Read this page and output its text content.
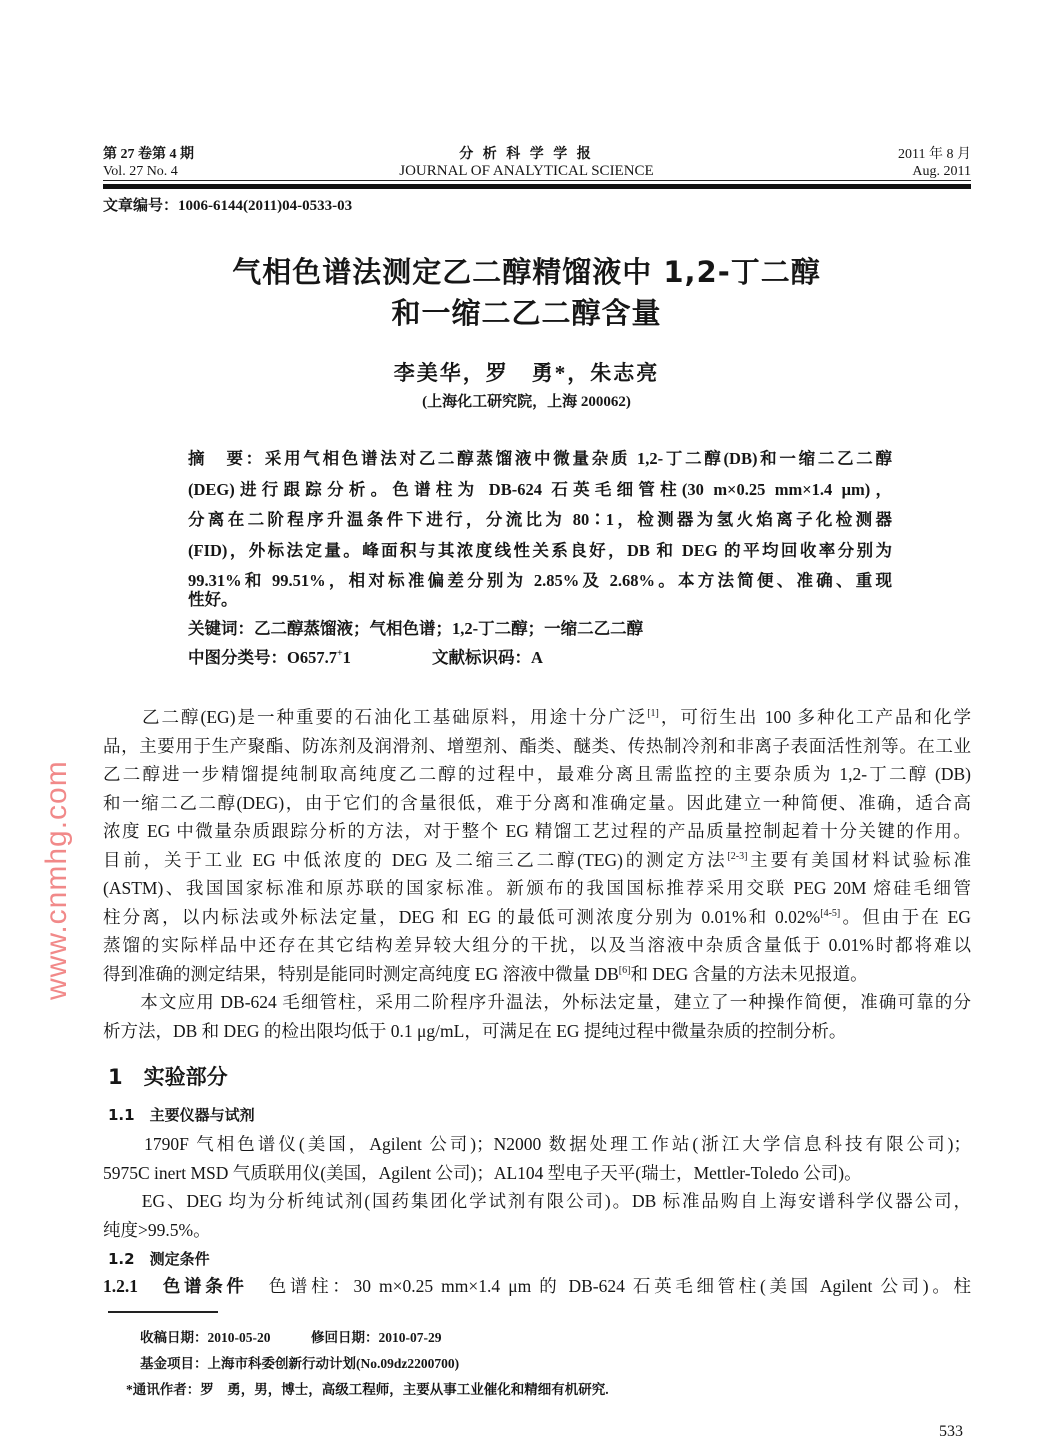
第 27 卷第 4 期
Vol. 27 No. 4
分 析 科 学 学 报
JOURNAL OF ANALYTICAL SCIENCE
2011 年 8 月
Aug. 2011
文章编号：1006-6144(2011)04-0533-03
气相色谱法测定乙二醇精馏液中 1,2-丁二醇
和一缩二乙二醇含量
李美华，罗　勇*，朱志亮
(上海化工研究院，上海 200062)
摘　要：采用气相色谱法对乙二醇蒸馏液中微量杂质 1,2-丁二醇(DB)和一缩二乙二醇
(DEG)进行跟踪分析。色谱柱为 DB-624 石英毛细管柱(30 m×0.25 mm×1.4 μm)，
分离在二阶程序升温条件下进行，分流比为 80∶1，检测器为氢火焰离子化检测器
(FID)，外标法定量。峰面积与其浓度线性关系良好，DB 和 DEG 的平均回收率分别为
99.31%和 99.51%，相对标准偏差分别为 2.85%及 2.68%。本方法简便、准确、重现
性好。
关键词：乙二醇蒸馏液；气相色谱；1,2-丁二醇；一缩二乙二醇
中图分类号：O657.7+1	文献标识码：A
　　乙二醇(EG)是一种重要的石油化工基础原料，用途十分广泛[1]，可衍生出 100 多种化工产品和化学
品，主要用于生产聚酯、防冻剂及润滑剂、增塑剂、酯类、醚类、传热制冷剂和非离子表面活性剂等。在工业
乙二醇进一步精馏提纯制取高纯度乙二醇的过程中，最难分离且需监控的主要杂质为 1,2-丁二醇 (DB)
和一缩二乙二醇(DEG)，由于它们的含量很低，难于分离和准确定量。因此建立一种简便、准确，适合高
浓度 EG 中微量杂质跟踪分析的方法，对于整个 EG 精馏工艺过程的产品质量控制起着十分关键的作用。
目前，关于工业 EG 中低浓度的 DEG 及二缩三乙二醇(TEG)的测定方法[2-3]主要有美国材料试验标准
(ASTM)、我国国家标准和原苏联的国家标准。新颁布的我国国标推荐采用交联 PEG 20M 熔硅毛细管
柱分离，以内标法或外标法定量，DEG 和 EG 的最低可测浓度分别为 0.01%和 0.02%[4-5]。但由于在 EG
蒸馏的实际样品中还存在其它结构差异较大组分的干扰，以及当溶液中杂质含量低于 0.01%时都将难以
得到准确的测定结果，特别是能同时测定高纯度 EG 溶液中微量 DB[6]和 DEG 含量的方法未见报道。
　　本文应用 DB-624 毛细管柱，采用二阶程序升温法，外标法定量，建立了一种操作简便，准确可靠的分
析方法，DB 和 DEG 的检出限均低于 0.1 μg/mL，可满足在 EG 提纯过程中微量杂质的控制分析。
1　实验部分
1.1　主要仪器与试剂
　　1790F 气相色谱仪(美国，Agilent 公司)；N2000 数据处理工作站(浙江大学信息科技有限公司)；
5975C inert MSD 气质联用仪(美国，Agilent 公司)；AL104 型电子天平(瑞士，Mettler-Toledo 公司)。
　　EG、DEG 均为分析纯试剂(国药集团化学试剂有限公司)。DB 标准品购自上海安谱科学仪器公司，
纯度>99.5%。
1.2　测定条件
1.2.1　色谱条件　色谱柱：30 m×0.25 mm×1.4 μm 的 DB-624 石英毛细管柱(美国 Agilent 公司)。柱
收稿日期：2010-05-20　　　修回日期：2010-07-29
基金项目：上海市科委创新行动计划(No.09dz2200700)
*通讯作者：罗　勇，男，博士，高级工程师，主要从事工业催化和精细有机研究.
533
www.cnmhg.com
